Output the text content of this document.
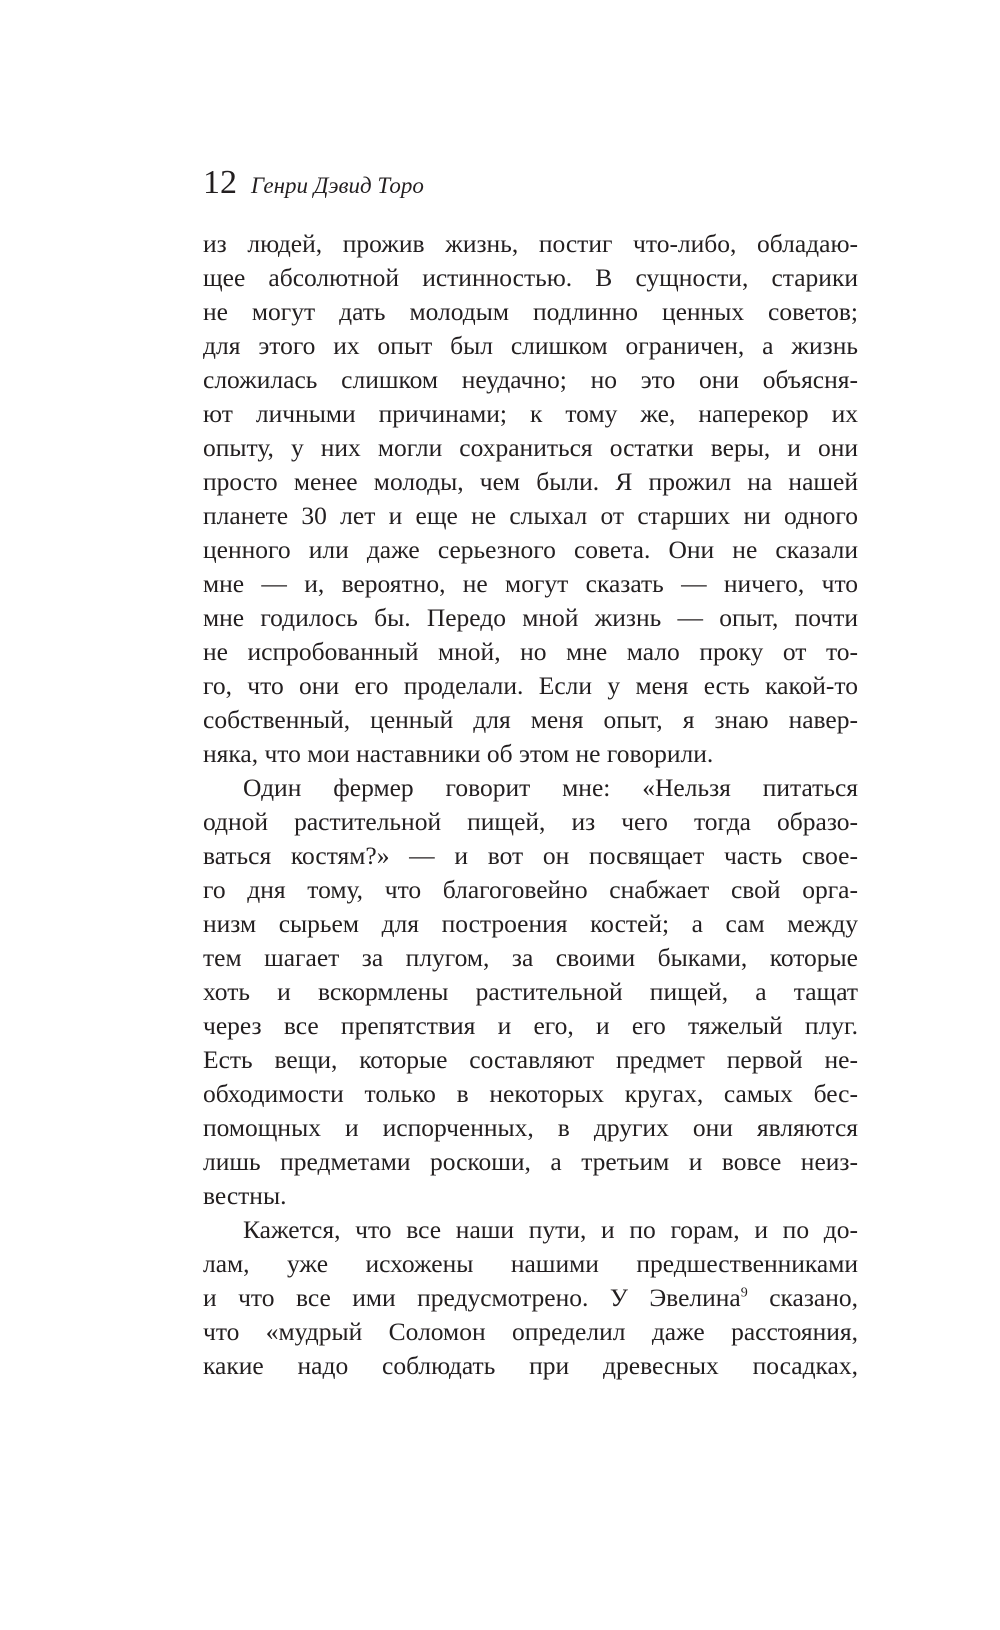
12 Генри Дэвид Торо
из людей, прожив жизнь, постиг что-либо, обладаю-
щее абсолютной истинностью. В сущности, старики
не могут дать молодым подлинно ценных советов;
для этого их опыт был слишком ограничен, а жизнь
сложилась слишком неудачно; но это они объясня-
ют личными причинами; к тому же, наперекор их
опыту, у них могли сохраниться остатки веры, и они
просто менее молоды, чем были. Я прожил на нашей
планете 30 лет и еще не слыхал от старших ни одного
ценного или даже серьезного совета. Они не сказали
мне — и, вероятно, не могут сказать — ничего, что
мне годилось бы. Передо мной жизнь — опыт, почти
не испробованный мной, но мне мало проку от то-
го, что они его проделали. Если у меня есть какой-то
собственный, ценный для меня опыт, я знаю навер-
няка, что мои наставники об этом не говорили.
Один фермер говорит мне: «Нельзя питаться
одной растительной пищей, из чего тогда образо-
ваться костям?» — и вот он посвящает часть свое-
го дня тому, что благоговейно снабжает свой орга-
низм сырьем для построения костей; а сам между
тем шагает за плугом, за своими быками, которые
хоть и вскормлены растительной пищей, а тащат
через все препятствия и его, и его тяжелый плуг.
Есть вещи, которые составляют предмет первой не-
обходимости только в некоторых кругах, самых бес-
помощных и испорченных, в других они являются
лишь предметами роскоши, а третьим и вовсе неиз-
вестны.
Кажется, что все наши пути, и по горам, и по до-
лам, уже исхожены нашими предшественниками
и что все ими предусмотрено. У Эвелина$^9$ сказано,
что «мудрый Соломон определил даже расстояния,
какие надо соблюдать при древесных посадках,
